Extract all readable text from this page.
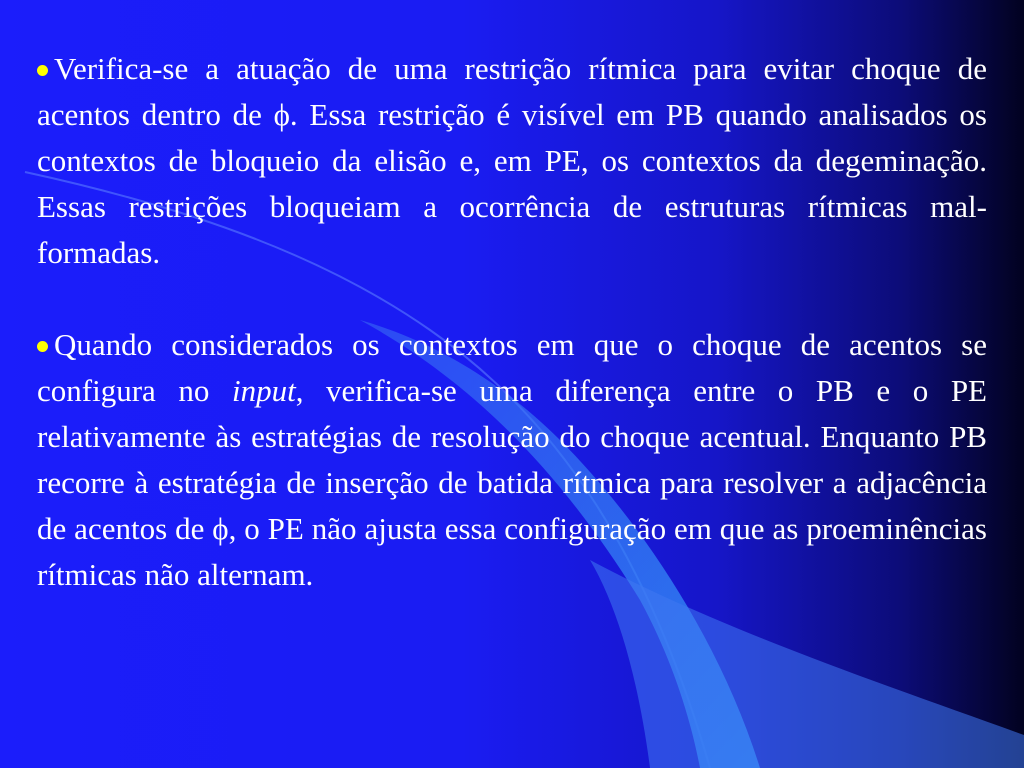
Verifica-se a atuação de uma restrição rítmica para evitar choque de acentos dentro de ϕ. Essa restrição é visível em PB quando analisados os contextos de bloqueio da elisão e, em PE, os contextos da degeminação. Essas restrições bloqueiam a ocorrência de estruturas rítmicas mal-formadas.

Quando considerados os contextos em que o choque de acentos se configura no input, verifica-se uma diferença entre o PB e o PE relativamente às estratégias de resolução do choque acentual. Enquanto PB recorre à estratégia de inserção de batida rítmica para resolver a adjacência de acentos de ϕ, o PE não ajusta essa configuração em que as proeminências rítmicas não alternam.
